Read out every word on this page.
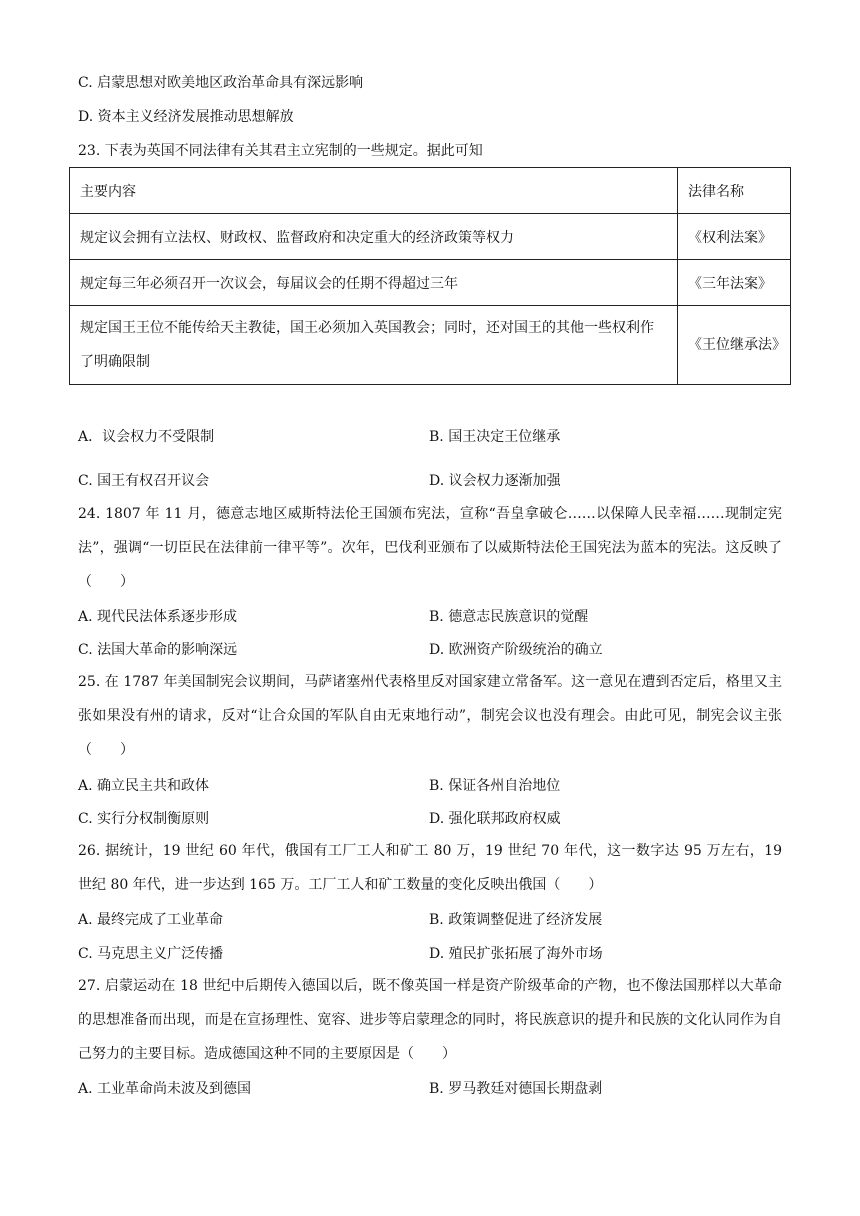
C. 启蒙思想对欧美地区政治革命具有深远影响
D. 资本主义经济发展推动思想解放
23. 下表为英国不同法律有关其君主立宪制的一些规定。据此可知
主要内容	法律名称
规定议会拥有立法权、财政权、监督政府和决定重大的经济政策等权力	《权利法案》
规定每三年必须召开一次议会，每届议会的任期不得超过三年	《三年法案》
规定国王王位不能传给天主教徒，国王必须加入英国教会；同时，还对国王的其他一些权利作了明确限制	《王位继承法》
A．议会权力不受限制	B. 国王决定王位继承
C. 国王有权召开议会	D. 议会权力逐渐加强
24. 1807 年 11 月，德意志地区威斯特法伦王国颁布宪法，宣称“吾皇拿破仑……以保障人民幸福……现制定宪法”，强调“一切臣民在法律前一律平等”。次年，巴伐利亚颁布了以威斯特法伦王国宪法为蓝本的宪法。这反映了（　　）
A. 现代民法体系逐步形成	B. 德意志民族意识的觉醒
C. 法国大革命的影响深远	D. 欧洲资产阶级统治的确立
25. 在 1787 年美国制宪会议期间，马萨诸塞州代表格里反对国家建立常备军。这一意见在遭到否定后，格里又主张如果没有州的请求，反对“让合众国的军队自由无束地行动”，制宪会议也没有理会。由此可见，制宪会议主张（　　）
A. 确立民主共和政体	B. 保证各州自治地位
C. 实行分权制衡原则	D. 强化联邦政府权威
26. 据统计，19 世纪 60 年代，俄国有工厂工人和矿工 80 万，19 世纪 70 年代，这一数字达 95 万左右，19 世纪 80 年代，进一步达到 165 万。工厂工人和矿工数量的变化反映出俄国（　　）
A. 最终完成了工业革命	B. 政策调整促进了经济发展
C. 马克思主义广泛传播	D. 殖民扩张拓展了海外市场
27. 启蒙运动在 18 世纪中后期传入德国以后，既不像英国一样是资产阶级革命的产物，也不像法国那样以大革命的思想准备而出现，而是在宣扬理性、宽容、进步等启蒙理念的同时，将民族意识的提升和民族的文化认同作为自己努力的主要目标。造成德国这种不同的主要原因是（　　）
A. 工业革命尚未波及到德国	B. 罗马教廷对德国长期盘剥
